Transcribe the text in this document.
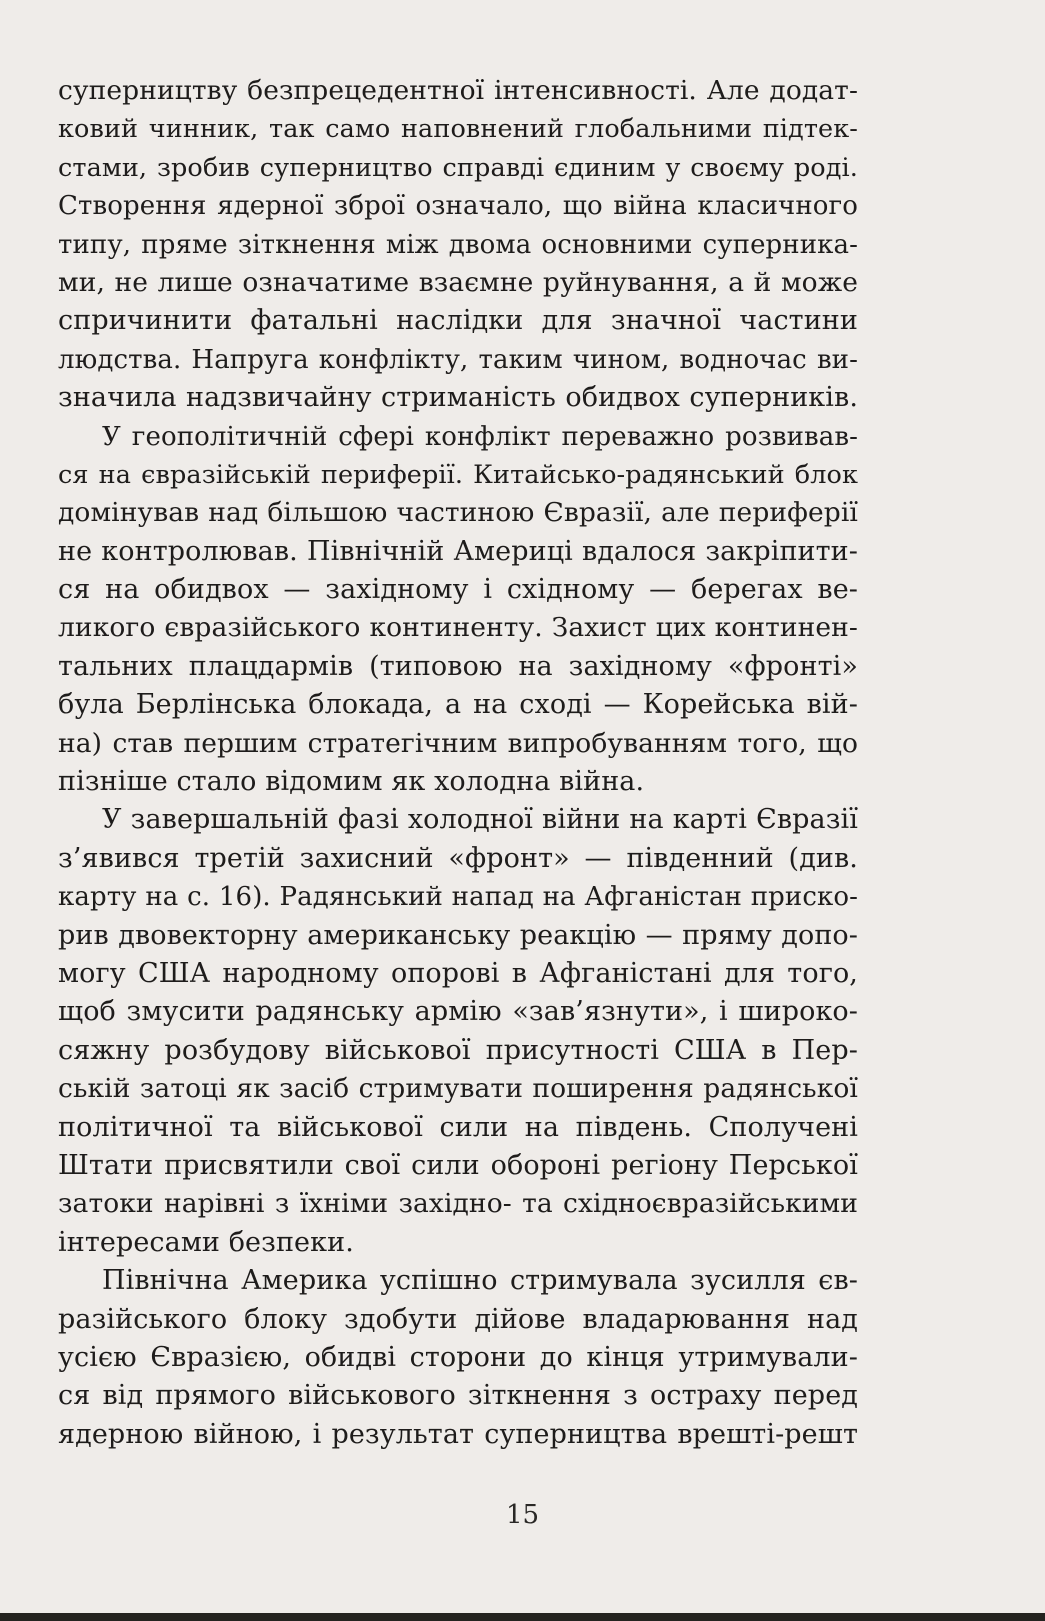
суперництву безпрецедентної інтенсивності. Але додат-
ковий чинник, так само наповнений глобальними підтек-
стами, зробив суперництво справді єдиним у своєму роді.
Створення ядерної зброї означало, що війна класичного
типу, пряме зіткнення між двома основними суперника-
ми, не лише означатиме взаємне руйнування, а й може
спричинити фатальні наслідки для значної частини
людства. Напруга конфлікту, таким чином, водночас ви-
значила надзвичайну стриманість обидвох суперників.
У геополітичній сфері конфлікт переважно розвивав-
ся на євразійській периферії. Китайсько-радянський блок
домінував над більшою частиною Євразії, але периферії
не контролював. Північній Америці вдалося закріпити-
ся на обидвох — західному і східному — берегах ве-
ликого євразійського континенту. Захист цих континен-
тальних плацдармів (типовою на західному «фронті»
була Берлінська блокада, а на сході — Корейська вій-
на) став першим стратегічним випробуванням того, що
пізніше стало відомим як холодна війна.
У завершальній фазі холодної війни на карті Євразії
з’явився третій захисний «фронт» — південний (див.
карту на с. 16). Радянський напад на Афганістан приско-
рив двовекторну американську реакцію — пряму допо-
могу США народному опорові в Афганістані для того,
щоб змусити радянську армію «зав’язнути», і широко-
сяжну розбудову військової присутності США в Пер-
ській затоці як засіб стримувати поширення радянської
політичної та військової сили на південь. Сполучені
Штати присвятили свої сили обороні регіону Перської
затоки нарівні з їхніми західно- та східноєвразійськими
інтересами безпеки.
Північна Америка успішно стримувала зусилля єв-
разійського блоку здобути дійове владарювання над
усією Євразією, обидві сторони до кінця утримували-
ся від прямого військового зіткнення з остраху перед
ядерною війною, і результат суперництва врешті-решт
15
